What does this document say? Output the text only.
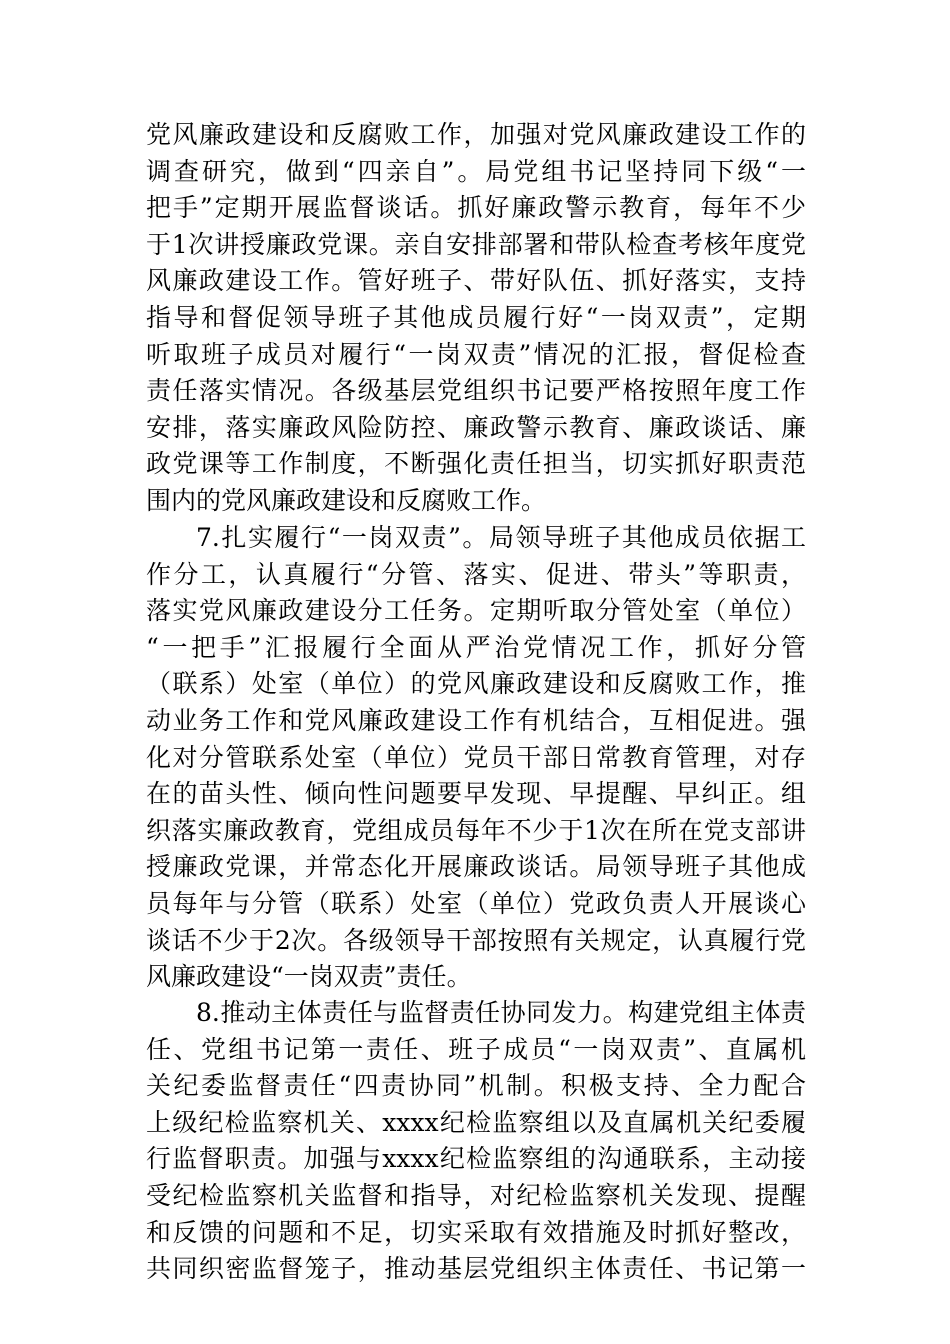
党风廉政建设和反腐败工作，加强对党风廉政建设工作的
调查研究，做到“四亲自”。局党组书记坚持同下级“一
把手”定期开展监督谈话。抓好廉政警示教育，每年不少
于1次讲授廉政党课。亲自安排部署和带队检查考核年度党
风廉政建设工作。管好班子、带好队伍、抓好落实，支持
指导和督促领导班子其他成员履行好“一岗双责”，定期
听取班子成员对履行“一岗双责”情况的汇报，督促检查
责任落实情况。各级基层党组织书记要严格按照年度工作
安排，落实廉政风险防控、廉政警示教育、廉政谈话、廉
政党课等工作制度，不断强化责任担当，切实抓好职责范
围内的党风廉政建设和反腐败工作。
7.扎实履行“一岗双责”。局领导班子其他成员依据工
作分工，认真履行“分管、落实、促进、带头”等职责，
落实党风廉政建设分工任务。定期听取分管处室（单位）
“一把手”汇报履行全面从严治党情况工作，抓好分管
（联系）处室（单位）的党风廉政建设和反腐败工作，推
动业务工作和党风廉政建设工作有机结合，互相促进。强
化对分管联系处室（单位）党员干部日常教育管理，对存
在的苗头性、倾向性问题要早发现、早提醒、早纠正。组
织落实廉政教育，党组成员每年不少于1次在所在党支部讲
授廉政党课，并常态化开展廉政谈话。局领导班子其他成
员每年与分管（联系）处室（单位）党政负责人开展谈心
谈话不少于2次。各级领导干部按照有关规定，认真履行党
风廉政建设“一岗双责”责任。
8.推动主体责任与监督责任协同发力。构建党组主体责
任、党组书记第一责任、班子成员“一岗双责”、直属机
关纪委监督责任“四责协同”机制。积极支持、全力配合
上级纪检监察机关、xxxx纪检监察组以及直属机关纪委履
行监督职责。加强与xxxx纪检监察组的沟通联系，主动接
受纪检监察机关监督和指导，对纪检监察机关发现、提醒
和反馈的问题和不足，切实采取有效措施及时抓好整改，
共同织密监督笼子，推动基层党组织主体责任、书记第一
